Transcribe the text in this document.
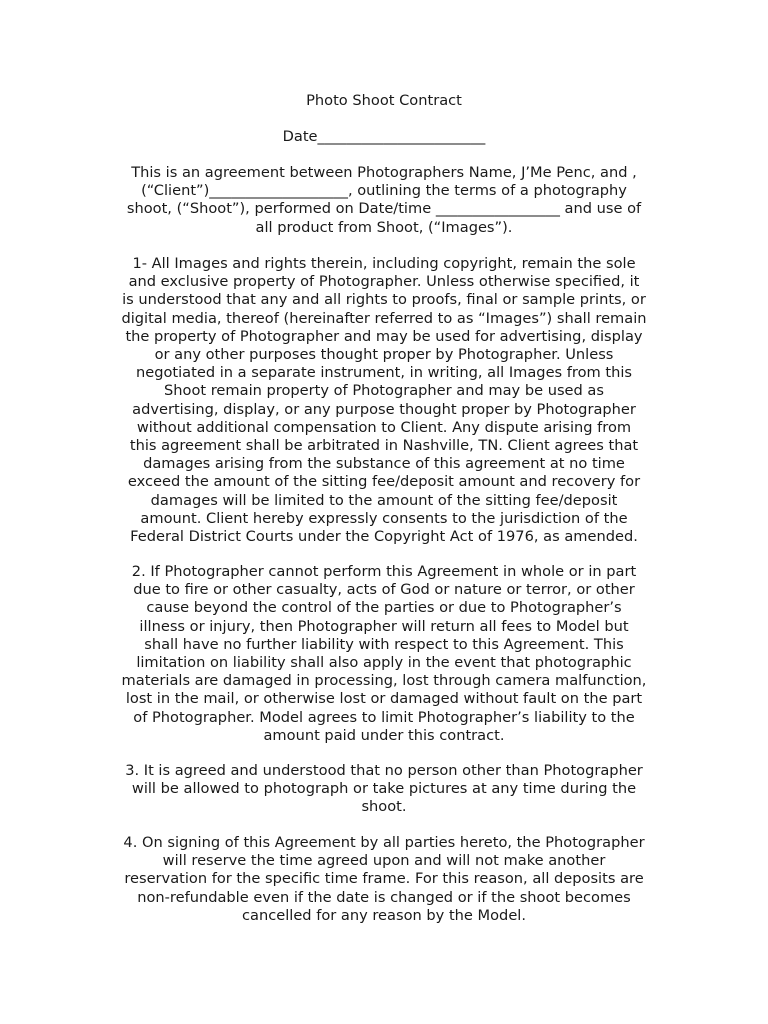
Photo Shoot Contract

Date_______________________

This is an agreement between Photographers Name, J’Me Penc, and ,
(“Client”)___________________, outlining the terms of a photography
shoot, (“Shoot”), performed on Date/time _________________ and use of
all product from Shoot, (“Images”).

1- All Images and rights therein, including copyright, remain the sole
and exclusive property of Photographer. Unless otherwise specified, it
is understood that any and all rights to proofs, final or sample prints, or
digital media, thereof (hereinafter referred to as “Images”) shall remain
the property of Photographer and may be used for advertising, display
or any other purposes thought proper by Photographer. Unless
negotiated in a separate instrument, in writing, all Images from this
Shoot remain property of Photographer and may be used as
advertising, display, or any purpose thought proper by Photographer
without additional compensation to Client. Any dispute arising from
this agreement shall be arbitrated in Nashville, TN. Client agrees that
damages arising from the substance of this agreement at no time
exceed the amount of the sitting fee/deposit amount and recovery for
damages will be limited to the amount of the sitting fee/deposit
amount. Client hereby expressly consents to the jurisdiction of the
Federal District Courts under the Copyright Act of 1976, as amended.

2. If Photographer cannot perform this Agreement in whole or in part
due to fire or other casualty, acts of God or nature or terror, or other
cause beyond the control of the parties or due to Photographer’s
illness or injury, then Photographer will return all fees to Model but
shall have no further liability with respect to this Agreement. This
limitation on liability shall also apply in the event that photographic
materials are damaged in processing, lost through camera malfunction,
lost in the mail, or otherwise lost or damaged without fault on the part
of Photographer. Model agrees to limit Photographer’s liability to the
amount paid under this contract.

3. It is agreed and understood that no person other than Photographer
will be allowed to photograph or take pictures at any time during the
shoot.

4. On signing of this Agreement by all parties hereto, the Photographer
will reserve the time agreed upon and will not make another
reservation for the specific time frame. For this reason, all deposits are
non-refundable even if the date is changed or if the shoot becomes
cancelled for any reason by the Model.
